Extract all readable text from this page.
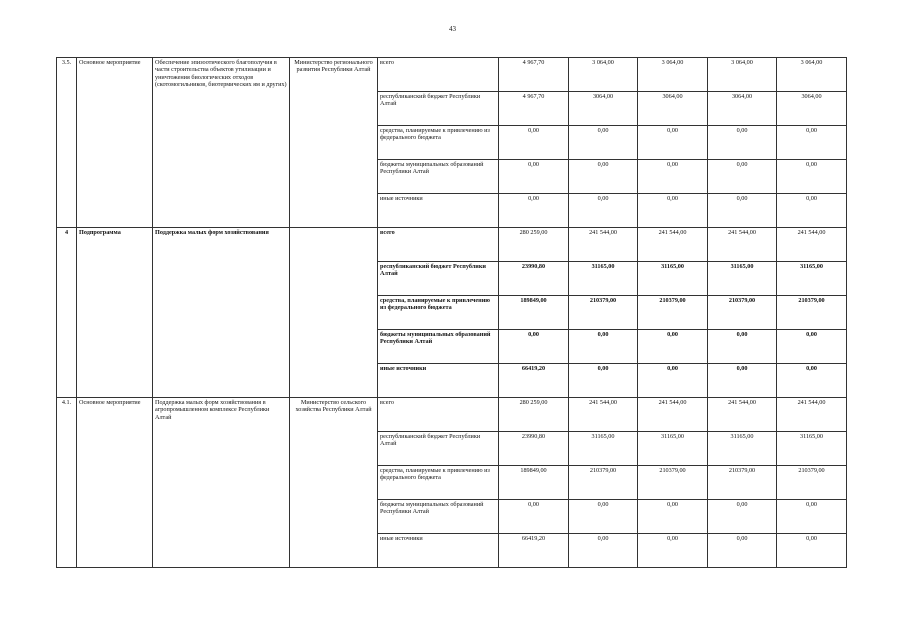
43
3.5.	Основное мероприятие	Обеспечение эпизоотического благополучия в части строительства объектов утилизации и уничтожения биологических отходов (скотомогильников, биотермических ям и других)	Министерство регионального развития Республики Алтай	всего	4 967,70	3 064,00	3 064,00	3 064,00	3 064,00
				республиканский бюджет Республики Алтай	4 967,70	3064,00	3064,00	3064,00	3064,00
				средства, планируемые к привлечению из федерального бюджета	0,00	0,00	0,00	0,00	0,00
				бюджеты муниципальных образований Республики Алтай	0,00	0,00	0,00	0,00	0,00
				иные источники	0,00	0,00	0,00	0,00	0,00
4	Подпрограмма	Поддержка малых форм хозяйствования		всего	280 259,00	241 544,00	241 544,00	241 544,00	241 544,00
				республиканский бюджет Республики Алтай	23990,80	31165,00	31165,00	31165,00	31165,00
				средства, планируемые к привлечению из федерального бюджета	189849,00	210379,00	210379,00	210379,00	210379,00
				бюджеты муниципальных образований Республики Алтай	0,00	0,00	0,00	0,00	0,00
				иные источники	66419,20	0,00	0,00	0,00	0,00
4.1.	Основное мероприятие	Поддержка малых форм хозяйствования в агропромышленном комплексе Республики Алтай	Министерство сельского хозяйства Республики Алтай	всего	280 259,00	241 544,00	241 544,00	241 544,00	241 544,00
				республиканский бюджет Республики Алтай	23990,80	31165,00	31165,00	31165,00	31165,00
				средства, планируемые к привлечению из федерального бюджета	189849,00	210379,00	210379,00	210379,00	210379,00
				бюджеты муниципальных образований Республики Алтай	0,00	0,00	0,00	0,00	0,00
				иные источники	66419,20	0,00	0,00	0,00	0,00
